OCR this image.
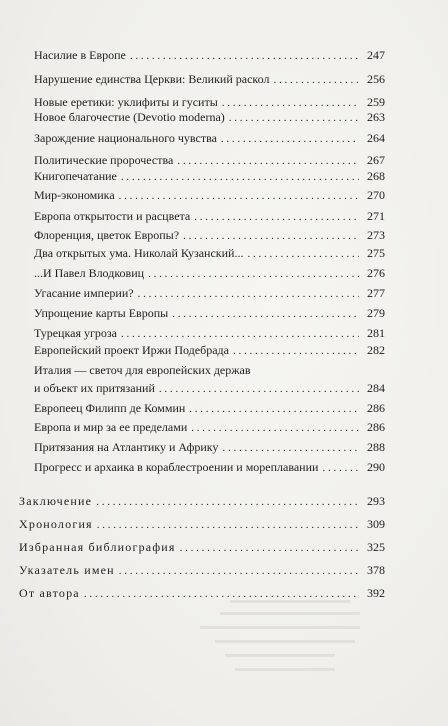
Насилие в Европе . . .	247
Нарушение единства Церкви: Великий раскол . . .	256
Новые еретики: уклифиты и гуситы . . .	259
Новое благочестие (Devotio moderna) . . .	263
Зарождение национального чувства . . .	264
Политические пророчества . . .	267
Книгопечатание . . .	268
Мир-экономика . . .	270
Европа открытости и расцвета . . .	271
Флоренция, цветок Европы? . . .	273
Два открытых ума. Николай Кузанский... . . .	275
...И Павел Влодковиц . . .	276
Угасание империи? . . .	277
Упрощение карты Европы . . .	279
Турецкая угроза . . .	281
Европейский проект Иржи Подебрада . . .	282
Италия — светоч для европейских держав
и объект их притязаний . . .	284
Европеец Филипп де Коммин . . .	286
Европа и мир за ее пределами . . .	286
Притязания на Атлантику и Африку . . .	288
Прогресс и архаика в кораблестроении и мореплавании . . .	290
Заключение . . .	293
Хронология . . .	309
Избранная библиография . . .	325
Указатель имен . . .	378
От автора . . .	392
